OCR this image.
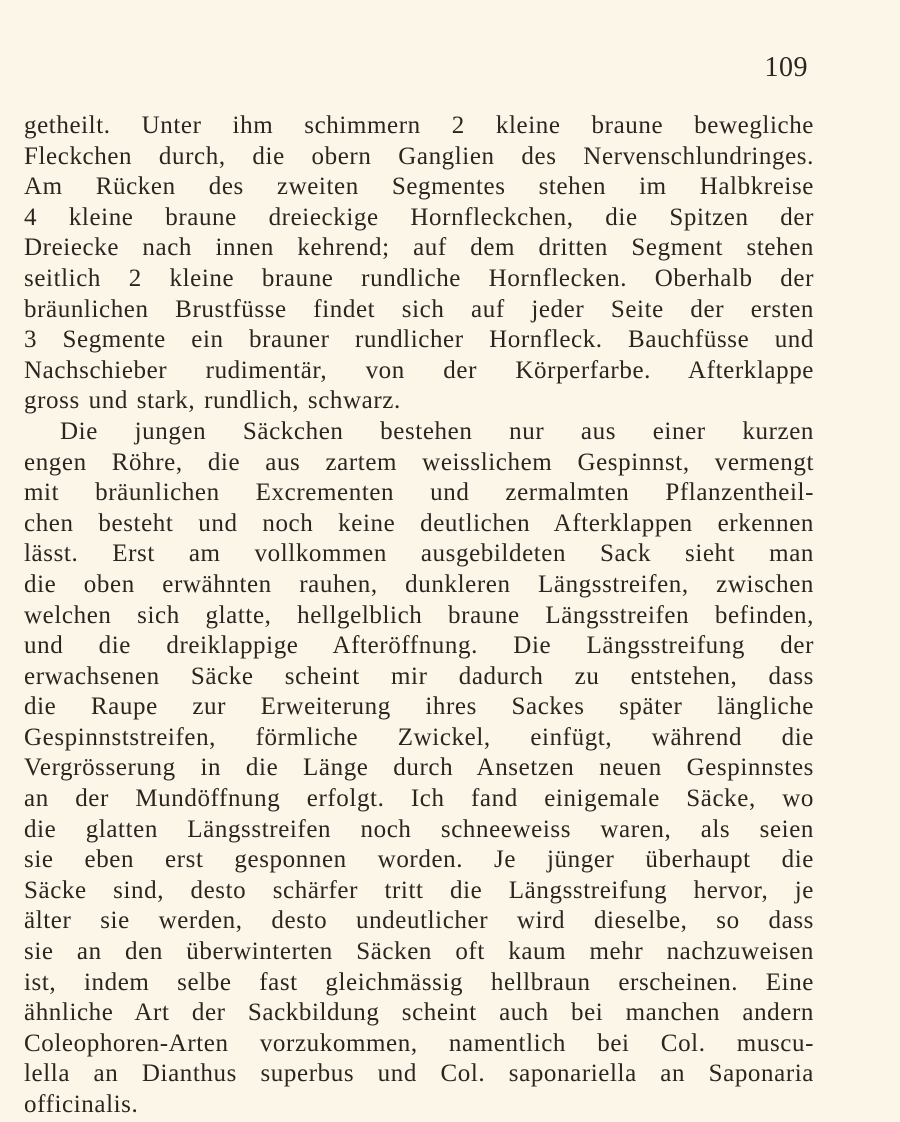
109
getheilt. Unter ihm schimmern 2 kleine braune bewegliche
Fleckchen durch, die obern Ganglien des Nervenschlundringes.
Am Rücken des zweiten Segmentes stehen im Halbkreise
4 kleine braune dreieckige Hornfleckchen, die Spitzen der
Dreiecke nach innen kehrend; auf dem dritten Segment stehen
seitlich 2 kleine braune rundliche Hornflecken. Oberhalb der
bräunlichen Brustfüsse findet sich auf jeder Seite der ersten
3 Segmente ein brauner rundlicher Hornfleck. Bauchfüsse und
Nachschieber rudimentär, von der Körperfarbe. Afterklappe
gross und stark, rundlich, schwarz.
Die jungen Säckchen bestehen nur aus einer kurzen
engen Röhre, die aus zartem weisslichem Gespinnst, vermengt
mit bräunlichen Excrementen und zermalmten Pflanzentheil-
chen besteht und noch keine deutlichen Afterklappen erkennen
lässt. Erst am vollkommen ausgebildeten Sack sieht man
die oben erwähnten rauhen, dunkleren Längsstreifen, zwischen
welchen sich glatte, hellgelblich braune Längsstreifen befinden,
und die dreiklappige Afteröffnung. Die Längsstreifung der
erwachsenen Säcke scheint mir dadurch zu entstehen, dass
die Raupe zur Erweiterung ihres Sackes später längliche
Gespinnststreifen, förmliche Zwickel, einfügt, während die
Vergrösserung in die Länge durch Ansetzen neuen Gespinnstes
an der Mundöffnung erfolgt. Ich fand einigemale Säcke, wo
die glatten Längsstreifen noch schneeweiss waren, als seien
sie eben erst gesponnen worden. Je jünger überhaupt die
Säcke sind, desto schärfer tritt die Längsstreifung hervor, je
älter sie werden, desto undeutlicher wird dieselbe, so dass
sie an den überwinterten Säcken oft kaum mehr nachzuweisen
ist, indem selbe fast gleichmässig hellbraun erscheinen. Eine
ähnliche Art der Sackbildung scheint auch bei manchen andern
Coleophoren-Arten vorzukommen, namentlich bei Col. muscu-
lella an Dianthus superbus und Col. saponariella an Saponaria
officinalis.
